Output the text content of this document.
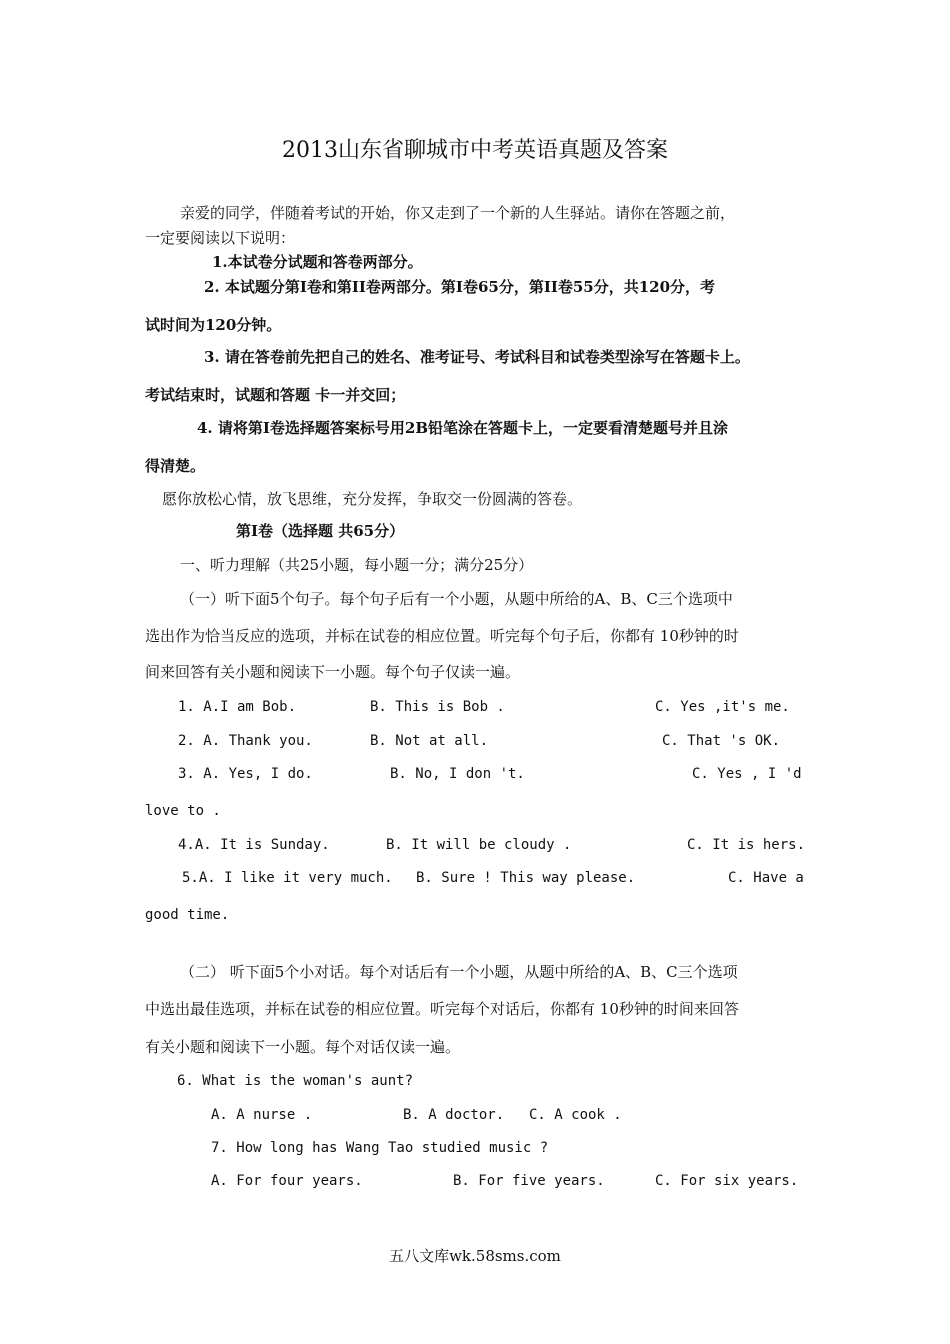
2013山东省聊城市中考英语真题及答案
亲爱的同学，伴随着考试的开始，你又走到了一个新的人生驿站。请你在答题之前，
一定要阅读以下说明：
1.本试卷分试题和答卷两部分。
2. 本试题分第Ⅰ卷和第II卷两部分。第Ⅰ卷65分，第II卷55分，共120分，考
试时间为120分钟。
3. 请在答卷前先把自己的姓名、准考证号、考试科目和试卷类型涂写在答题卡上。
考试结束时，试题和答题 卡一并交回；
4. 请将第Ⅰ卷选择题答案标号用2B铅笔涂在答题卡上，一定要看清楚题号并且涂
得清楚。
愿你放松心情，放飞思维，充分发挥，争取交一份圆满的答卷。
第Ⅰ卷（选择题 共65分）
一、听力理解（共25小题，每小题一分；满分25分）
（一）听下面5个句子。每个句子后有一个小题，从题中所给的A、B、C三个选项中
选出作为恰当反应的选项，并标在试卷的相应位置。听完每个句子后，你都有 10秒钟的时
间来回答有关小题和阅读下一小题。每个句子仅读一遍。
1. A.I am Bob.	B. This is Bob .	C. Yes ,it's me.
2. A. Thank you.	B. Not at all.	C. That 's OK.
3. A. Yes, I do.	B. No, I don 't.	C. Yes , I 'd
love to .
4.A. It is Sunday.	B. It will be cloudy .	C. It is hers.
5.A. I like it very much. B. Sure ! This way please.	C. Have a
good time.
（二） 听下面5个小对话。每个对话后有一个小题，从题中所给的A、B、C三个选项
中选出最佳选项，并标在试卷的相应位置。听完每个对话后，你都有 10秒钟的时间来回答
有关小题和阅读下一小题。每个对话仅读一遍。
6. What is the woman's aunt?
A. A nurse .	B. A doctor. C. A cook .
7. How long has Wang Tao studied music ?
A. For four years.	B. For five years.	C. For six years.
五八文库wk.58sms.com
